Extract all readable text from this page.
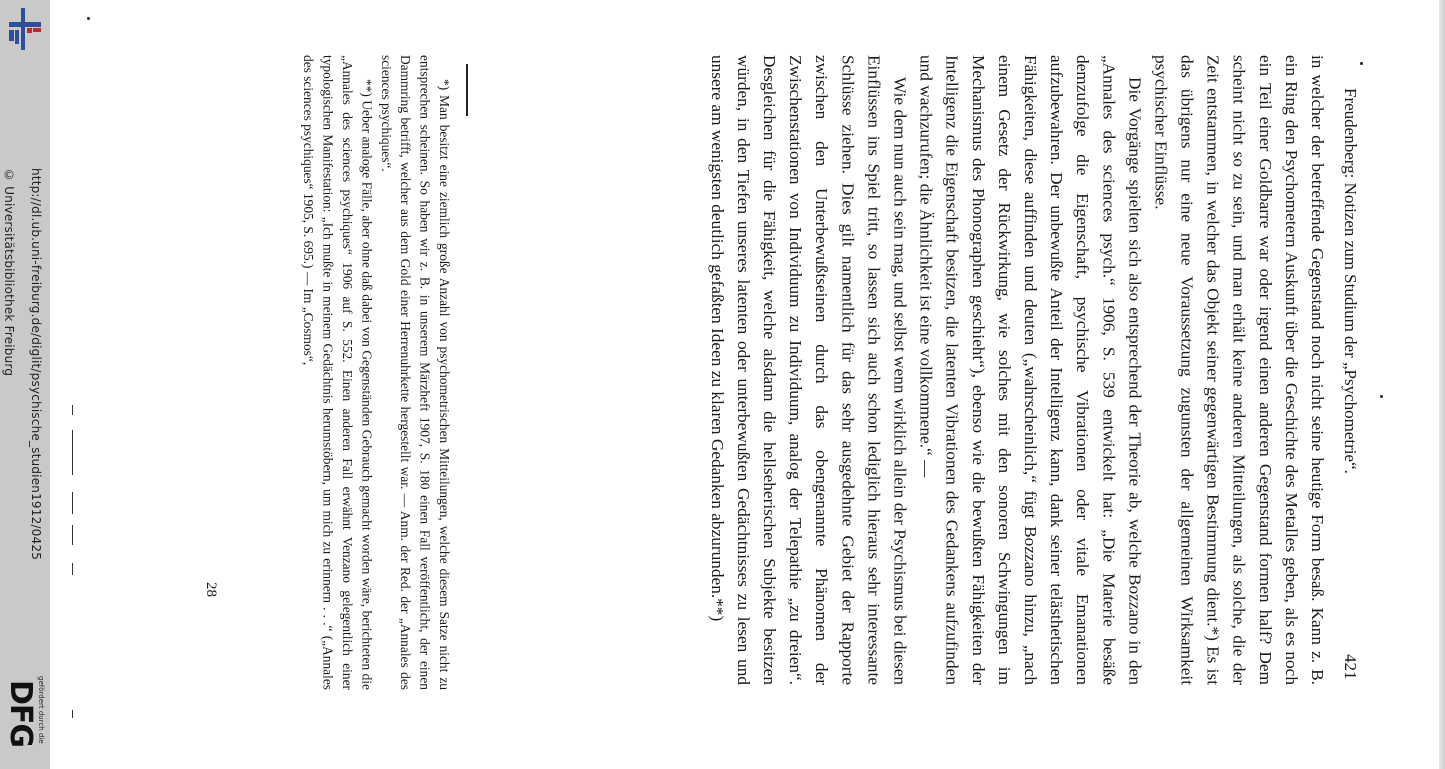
http://dl.ub.uni-freiburg.de/diglit/psychische_studien1912/0425
© Universitätsbibliothek Freiburg
gefördert durch die
DFG
Freudenberg: Notizen zum Studium der „Psychometrie“.
421

in welcher der betreffende Gegenstand noch nicht seine heutige Form besaß. Kann z. B. ein Ring den Psychometern Auskunft über die Geschichte des Metalles geben, als es noch ein Teil einer Goldbarre war oder irgend einen anderen Gegenstand formen half? Dem scheint nicht so zu sein, und man erhält keine anderen Mitteilungen, als solche, die der Zeit entstammen, in welcher das Objekt seiner gegenwärtigen Bestimmung dient.*) Es ist das übrigens nur eine neue Voraussetzung zugunsten der allgemeinen Wirksamkeit psychischer Einflüsse.

Die Vorgänge spielten sich also entsprechend der Theorie ab, welche Bozzano in den „Annales des sciences psych.“ 1906, S. 539 entwickelt hat: „Die Materie besäße demzufolge die Eigenschaft, psychische Vibrationen oder vitale Emanationen aufzubewahren. Der unbewußte Anteil der Intelligenz kann, dank seiner telästhetischen Fähigkeiten, diese auffinden und deuten („wahrscheinlich,“ fügt Bozzano hinzu, „nach einem Gesetz der Rückwirkung, wie solches mit den sonoren Schwingungen im Mechanismus des Phonographen geschieht“), ebenso wie die bewußten Fähigkeiten der Intelligenz die Eigenschaft besitzen, die latenten Vibrationen des Gedankens aufzufinden und wachzurufen; die Ähnlichkeit ist eine vollkommene.“ —

Wie dem nun auch sein mag, und selbst wenn wirklich allein der Psychismus bei diesen Einflüssen ins Spiel tritt, so lassen sich auch schon lediglich hieraus sehr interessante Schlüsse ziehen. Dies gilt namentlich für das sehr ausgedehnte Gebiet der Rapporte zwischen den Unterbewußtseinen durch das obengenannte Phänomen der Zwischenstationen von Individuum zu Individuum, analog der Telepathie „zu dreien“. Desgleichen für die Fähigkeit, welche alsdann die hellseherischen Subjekte besitzen würden, in den Tiefen unseres latenten oder unterbewußten Gedächtnisses zu lesen und unsere am wenigsten deutlich gefaßten Ideen zu klaren Gedanken abzurunden.**)

*) Man besitzt eine ziemlich große Anzahl von psychometrischen Mitteilungen, welche diesem Satze nicht zu entsprechen scheinen. So haben wir z. B. in unserem Märzheft 1907, S. 180 einen Fall veröffentlicht, der einen Dammring betrifft, welcher aus dem Gold einer Herrenuhrkette hergestellt war. — Anm. der Red. der „Annales des sciences psychiques“.

**) Ueber analoge Fälle, aber ohne daß dabei von Gegenständen Gebrauch gemacht worden wäre, berichteten die „Annales des sciences psychiques“ 1906 auf S. 552. Einen anderen Fall erwähnt Venzano gelegentlich einer typologischen Manifestation: „Ich mußte in meinem Gedächtnis herumstöbern, um mich zu erinnern . . .“ („Annales des sciences psychiques“ 1905, S. 695.) — Im „Cosmos“,

28
